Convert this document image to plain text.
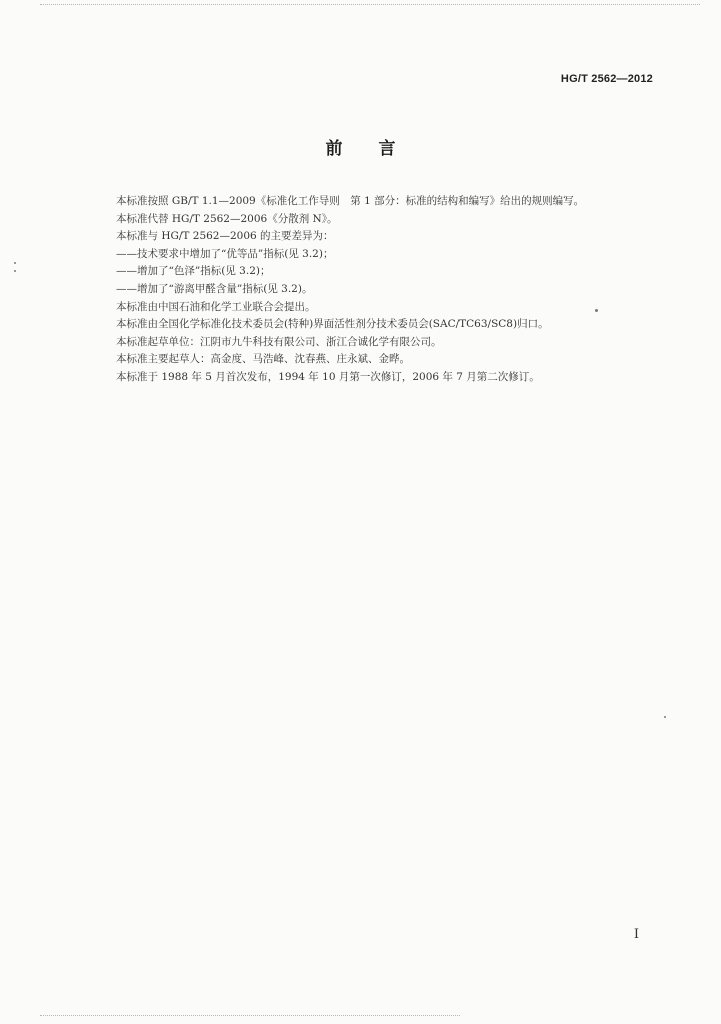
HG/T 2562—2012
前言
本标准按照 GB/T 1.1—2009《标准化工作导则　第 1 部分：标准的结构和编写》给出的规则编写。
本标准代替 HG/T 2562—2006《分散剂 N》。
本标准与 HG/T 2562—2006 的主要差异为：
——技术要求中增加了“优等品”指标(见 3.2)；
——增加了“色泽”指标(见 3.2)；
——增加了“游离甲醛含量”指标(见 3.2)。
本标准由中国石油和化学工业联合会提出。
本标准由全国化学标准化技术委员会(特种)界面活性剂分技术委员会(SAC/TC63/SC8)归口。
本标准起草单位：江阴市九牛科技有限公司、浙江合诚化学有限公司。
本标准主要起草人：高金度、马浩峰、沈春燕、庄永斌、金晔。
本标准于 1988 年 5 月首次发布，1994 年 10 月第一次修订，2006 年 7 月第二次修订。
I
